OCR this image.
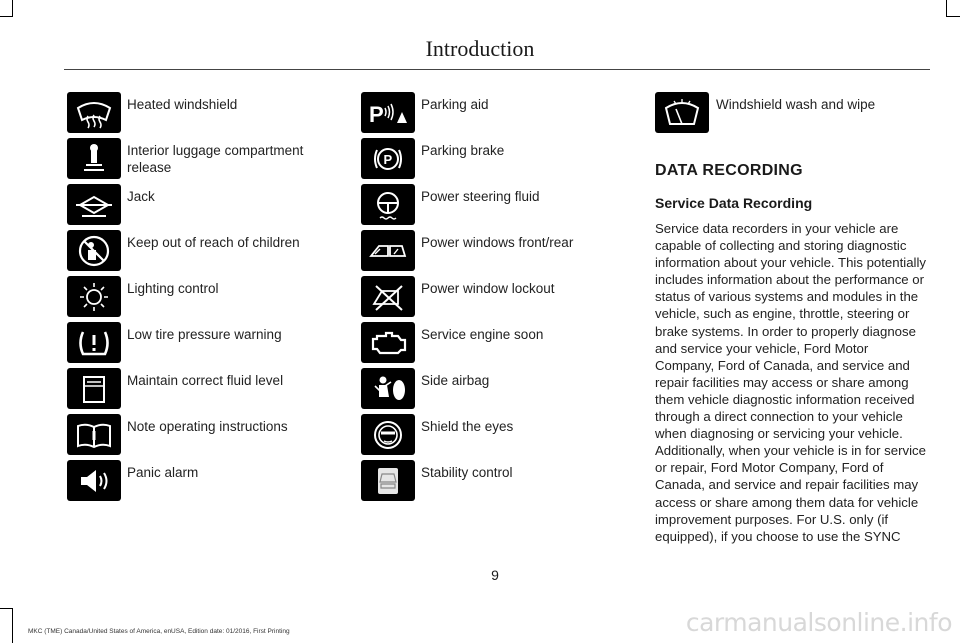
Introduction
Heated windshield
Interior luggage compartment release
Jack
Keep out of reach of children
Lighting control
Low tire pressure warning
Maintain correct fluid level
Note operating instructions
Panic alarm
P	Parking aid
P
Parking brake
Power steering fluid
Power windows front/rear
Power window lockout
Service engine soon
Side airbag
Shield the eyes
Stability control
Windshield wash and wipe
DATA RECORDING
Service Data Recording

Service data recorders in your vehicle are capable of collecting and storing diagnostic information about your vehicle. This potentially includes information about the performance or status of various systems and modules in the vehicle, such as engine, throttle, steering or brake systems. In order to properly diagnose and service your vehicle, Ford Motor Company, Ford of Canada, and service and repair facilities may access or share among them vehicle diagnostic information received through a direct connection to your vehicle when diagnosing or servicing your vehicle. Additionally, when your vehicle is in for service or repair, Ford Motor Company, Ford of Canada, and service and repair facilities may access or share among them data for vehicle improvement purposes. For U.S. only (if equipped), if you choose to use the SYNC

9
MKC (TME) Canada/United States of America, enUSA, Edition date: 01/2016, First Printing	carmanualsonline.info
